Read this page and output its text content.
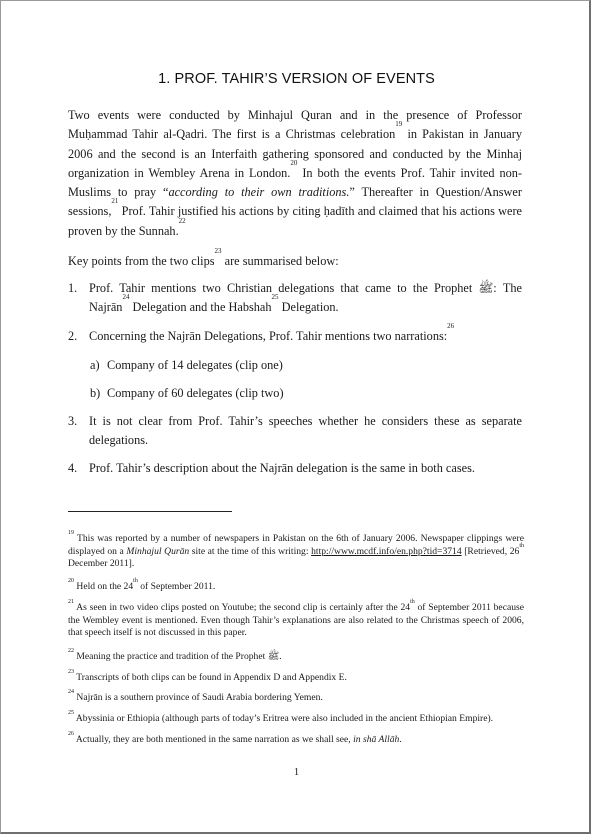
1. PROF. TAHIR’S VERSION OF EVENTS

Two events were conducted by Minhajul Quran and in the presence of Professor Muḥammad Tahir al-Qadri. The first is a Christmas celebration$^{19}$ in Pakistan in January 2006 and the second is an Interfaith gathering sponsored and conducted by the Minhaj organization in Wembley Arena in London.$^{20}$ In both the events Prof. Tahir invited non-Muslims to pray “according to their own traditions.” Thereafter in Question/Answer sessions,$^{21}$ Prof. Tahir justified his actions by citing ḥadīth and claimed that his actions were proven by the Sunnah.$^{22}$

Key points from the two clips$^{23}$ are summarised below:

1. Prof. Tahir mentions two Christian delegations that came to the Prophet ﷺ: The Najrān$^{24}$ Delegation and the Habshah$^{25}$ Delegation.
2. Concerning the Najrān Delegations, Prof. Tahir mentions two narrations:$^{26}$
a) Company of 14 delegates (clip one)
b) Company of 60 delegates (clip two)
3. It is not clear from Prof. Tahir’s speeches whether he considers these as separate delegations.
4. Prof. Tahir’s description about the Najrān delegation is the same in both cases.

$^{19}$ This was reported by a number of newspapers in Pakistan on the 6th of January 2006. Newspaper clippings were displayed on a Minhajul Qurān site at the time of this writing: http://www.mcdf.info/en.php?tid=3714 [Retrieved, 26th December 2011].

$^{20}$ Held on the 24th of September 2011.

$^{21}$ As seen in two video clips posted on Youtube; the second clip is certainly after the 24th of September 2011 because the Wembley event is mentioned. Even though Tahir’s explanations are also related to the Christmas speech of 2006, that speech itself is not discussed in this paper.

$^{22}$ Meaning the practice and tradition of the Prophet ﷺ.

$^{23}$ Transcripts of both clips can be found in Appendix D and Appendix E.

$^{24}$ Najrān is a southern province of Saudi Arabia bordering Yemen.

$^{25}$ Abyssinia or Ethiopia (although parts of today’s Eritrea were also included in the ancient Ethiopian Empire).

$^{26}$ Actually, they are both mentioned in the same narration as we shall see, in shā Allāh.

1
